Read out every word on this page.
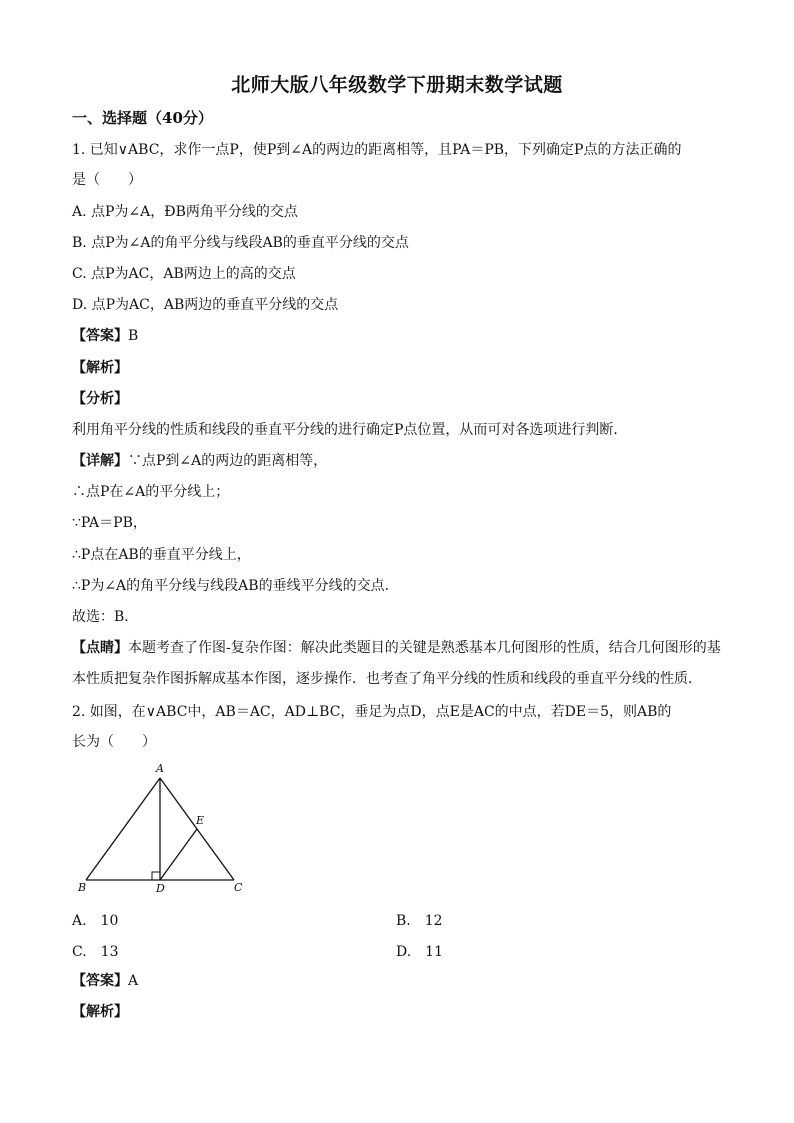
北师大版八年级数学下册期末数学试题
一、选择题（40分）
1. 已知∨ABC，求作一点P，使P到∠A的两边的距离相等，且PA＝PB，下列确定P点的方法正确的
是（　　）
A. 点P为∠A，ÐB两角平分线的交点
B. 点P为∠A的角平分线与线段AB的垂直平分线的交点
C. 点P为AC，AB两边上的高的交点
D. 点P为AC，AB两边的垂直平分线的交点
【答案】B
【解析】
【分析】
利用角平分线的性质和线段的垂直平分线的进行确定P点位置，从而可对各选项进行判断．
【详解】∵点P到∠A的两边的距离相等，
∴点P在∠A的平分线上；
∵PA＝PB，
∴P点在AB的垂直平分线上，
∴P为∠A的角平分线与线段AB的垂线平分线的交点．
故选：B．
【点睛】本题考查了作图-复杂作图：解决此类题目的关键是熟悉基本几何图形的性质，结合几何图形的基
本性质把复杂作图拆解成基本作图，逐步操作．也考查了角平分线的性质和线段的垂直平分线的性质．
2. 如图，在∨ABC中，AB＝AC，AD⊥BC，垂足为点D，点E是AC的中点，若DE＝5，则AB的
长为（　　）
A
B	C
D
E
A.　10	B.　12
C.　13	D.　11
【答案】A
【解析】
